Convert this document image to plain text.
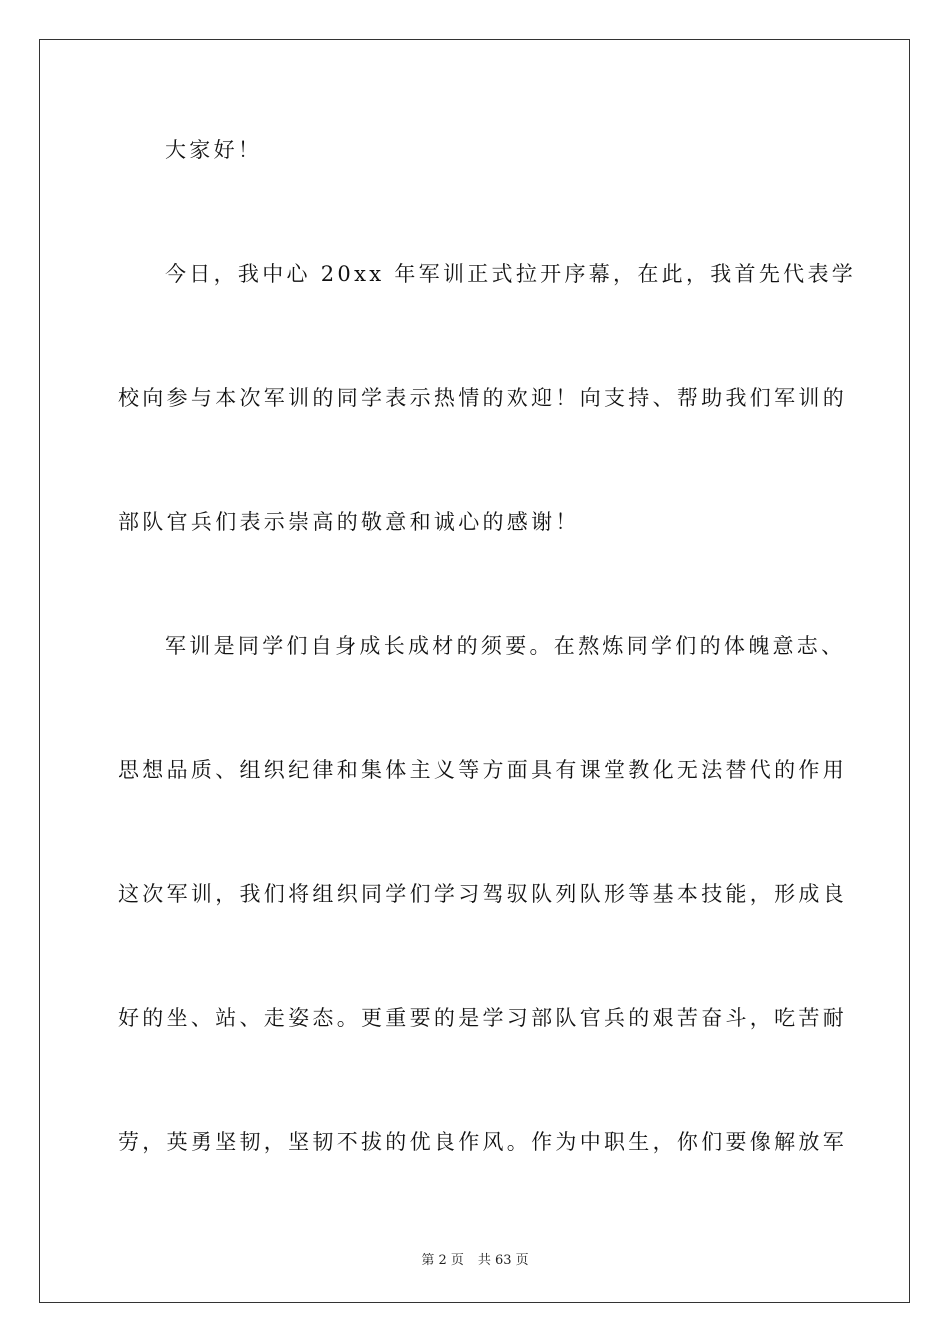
大家好！
今日，我中心 20xx 年军训正式拉开序幕，在此，我首先代表学
校向参与本次军训的同学表示热情的欢迎！向支持、帮助我们军训的
部队官兵们表示崇高的敬意和诚心的感谢！
军训是同学们自身成长成材的须要。在熬炼同学们的体魄意志、
思想品质、组织纪律和集体主义等方面具有课堂教化无法替代的作用
这次军训，我们将组织同学们学习驾驭队列队形等基本技能，形成良
好的坐、站、走姿态。更重要的是学习部队官兵的艰苦奋斗，吃苦耐
劳，英勇坚韧，坚韧不拔的优良作风。作为中职生，你们要像解放军
第 2 页 共 63 页
